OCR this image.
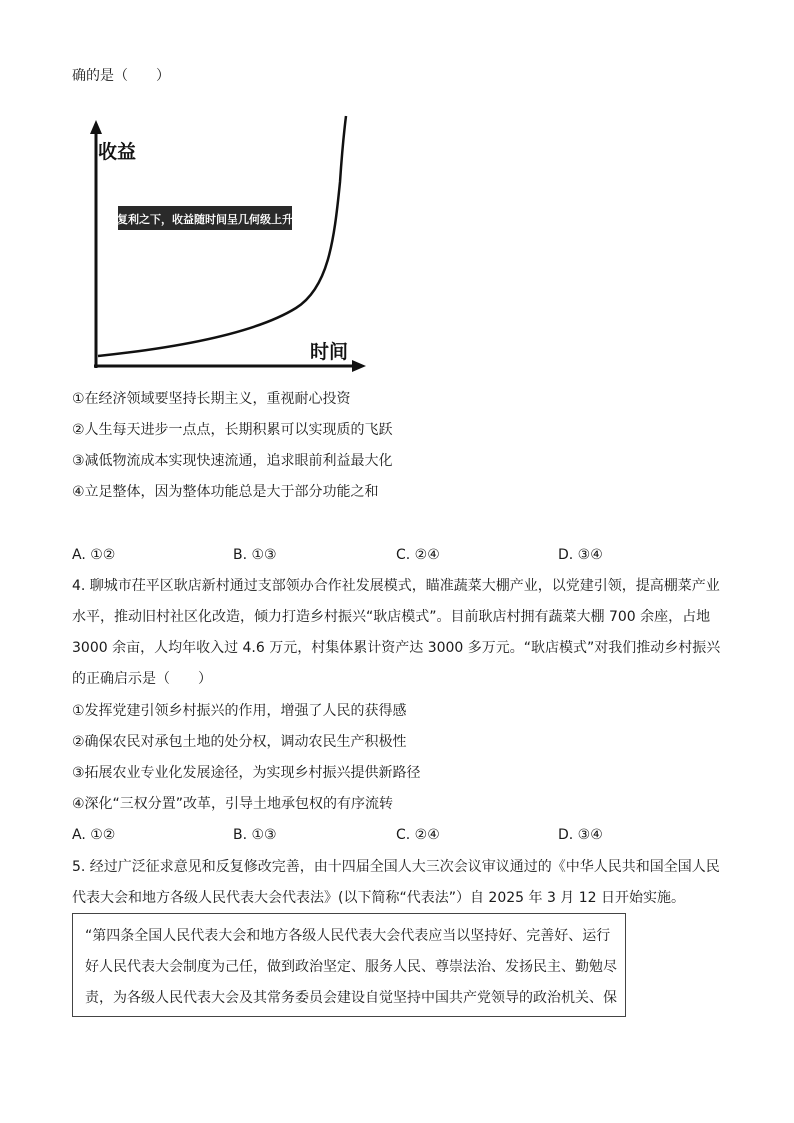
确的是（　　）
收益
时间
复利之下，收益随时间呈几何级上升
①在经济领域要坚持长期主义，重视耐心投资
②人生每天进步一点点，长期积累可以实现质的飞跃
③减低物流成本实现快速流通，追求眼前利益最大化
④立足整体，因为整体功能总是大于部分功能之和
A. ①②	B. ①③	C. ②④	D. ③④
4. 聊城市茌平区耿店新村通过支部领办合作社发展模式，瞄准蔬菜大棚产业，以党建引领，提高棚菜产业
水平，推动旧村社区化改造，倾力打造乡村振兴“耿店模式”。目前耿店村拥有蔬菜大棚 700 余座，占地
3000 余亩，人均年收入过 4.6 万元，村集体累计资产达 3000 多万元。“耿店模式”对我们推动乡村振兴
的正确启示是（　　）
①发挥党建引领乡村振兴的作用，增强了人民的获得感
②确保农民对承包土地的处分权，调动农民生产积极性
③拓展农业专业化发展途径，为实现乡村振兴提供新路径
④深化“三权分置”改革，引导土地承包权的有序流转
A. ①②	B. ①③	C. ②④	D. ③④
5. 经过广泛征求意见和反复修改完善，由十四届全国人大三次会议审议通过的《中华人民共和国全国人民
代表大会和地方各级人民代表大会代表法》(以下简称“代表法”）自 2025 年 3 月 12 日开始实施。
“第四条全国人民代表大会和地方各级人民代表大会代表应当以坚持好、完善好、运行
好人民代表大会制度为己任，做到政治坚定、服务人民、尊崇法治、发扬民主、勤勉尽
责，为各级人民代表大会及其常务委员会建设自觉坚持中国共产党领导的政治机关、保
